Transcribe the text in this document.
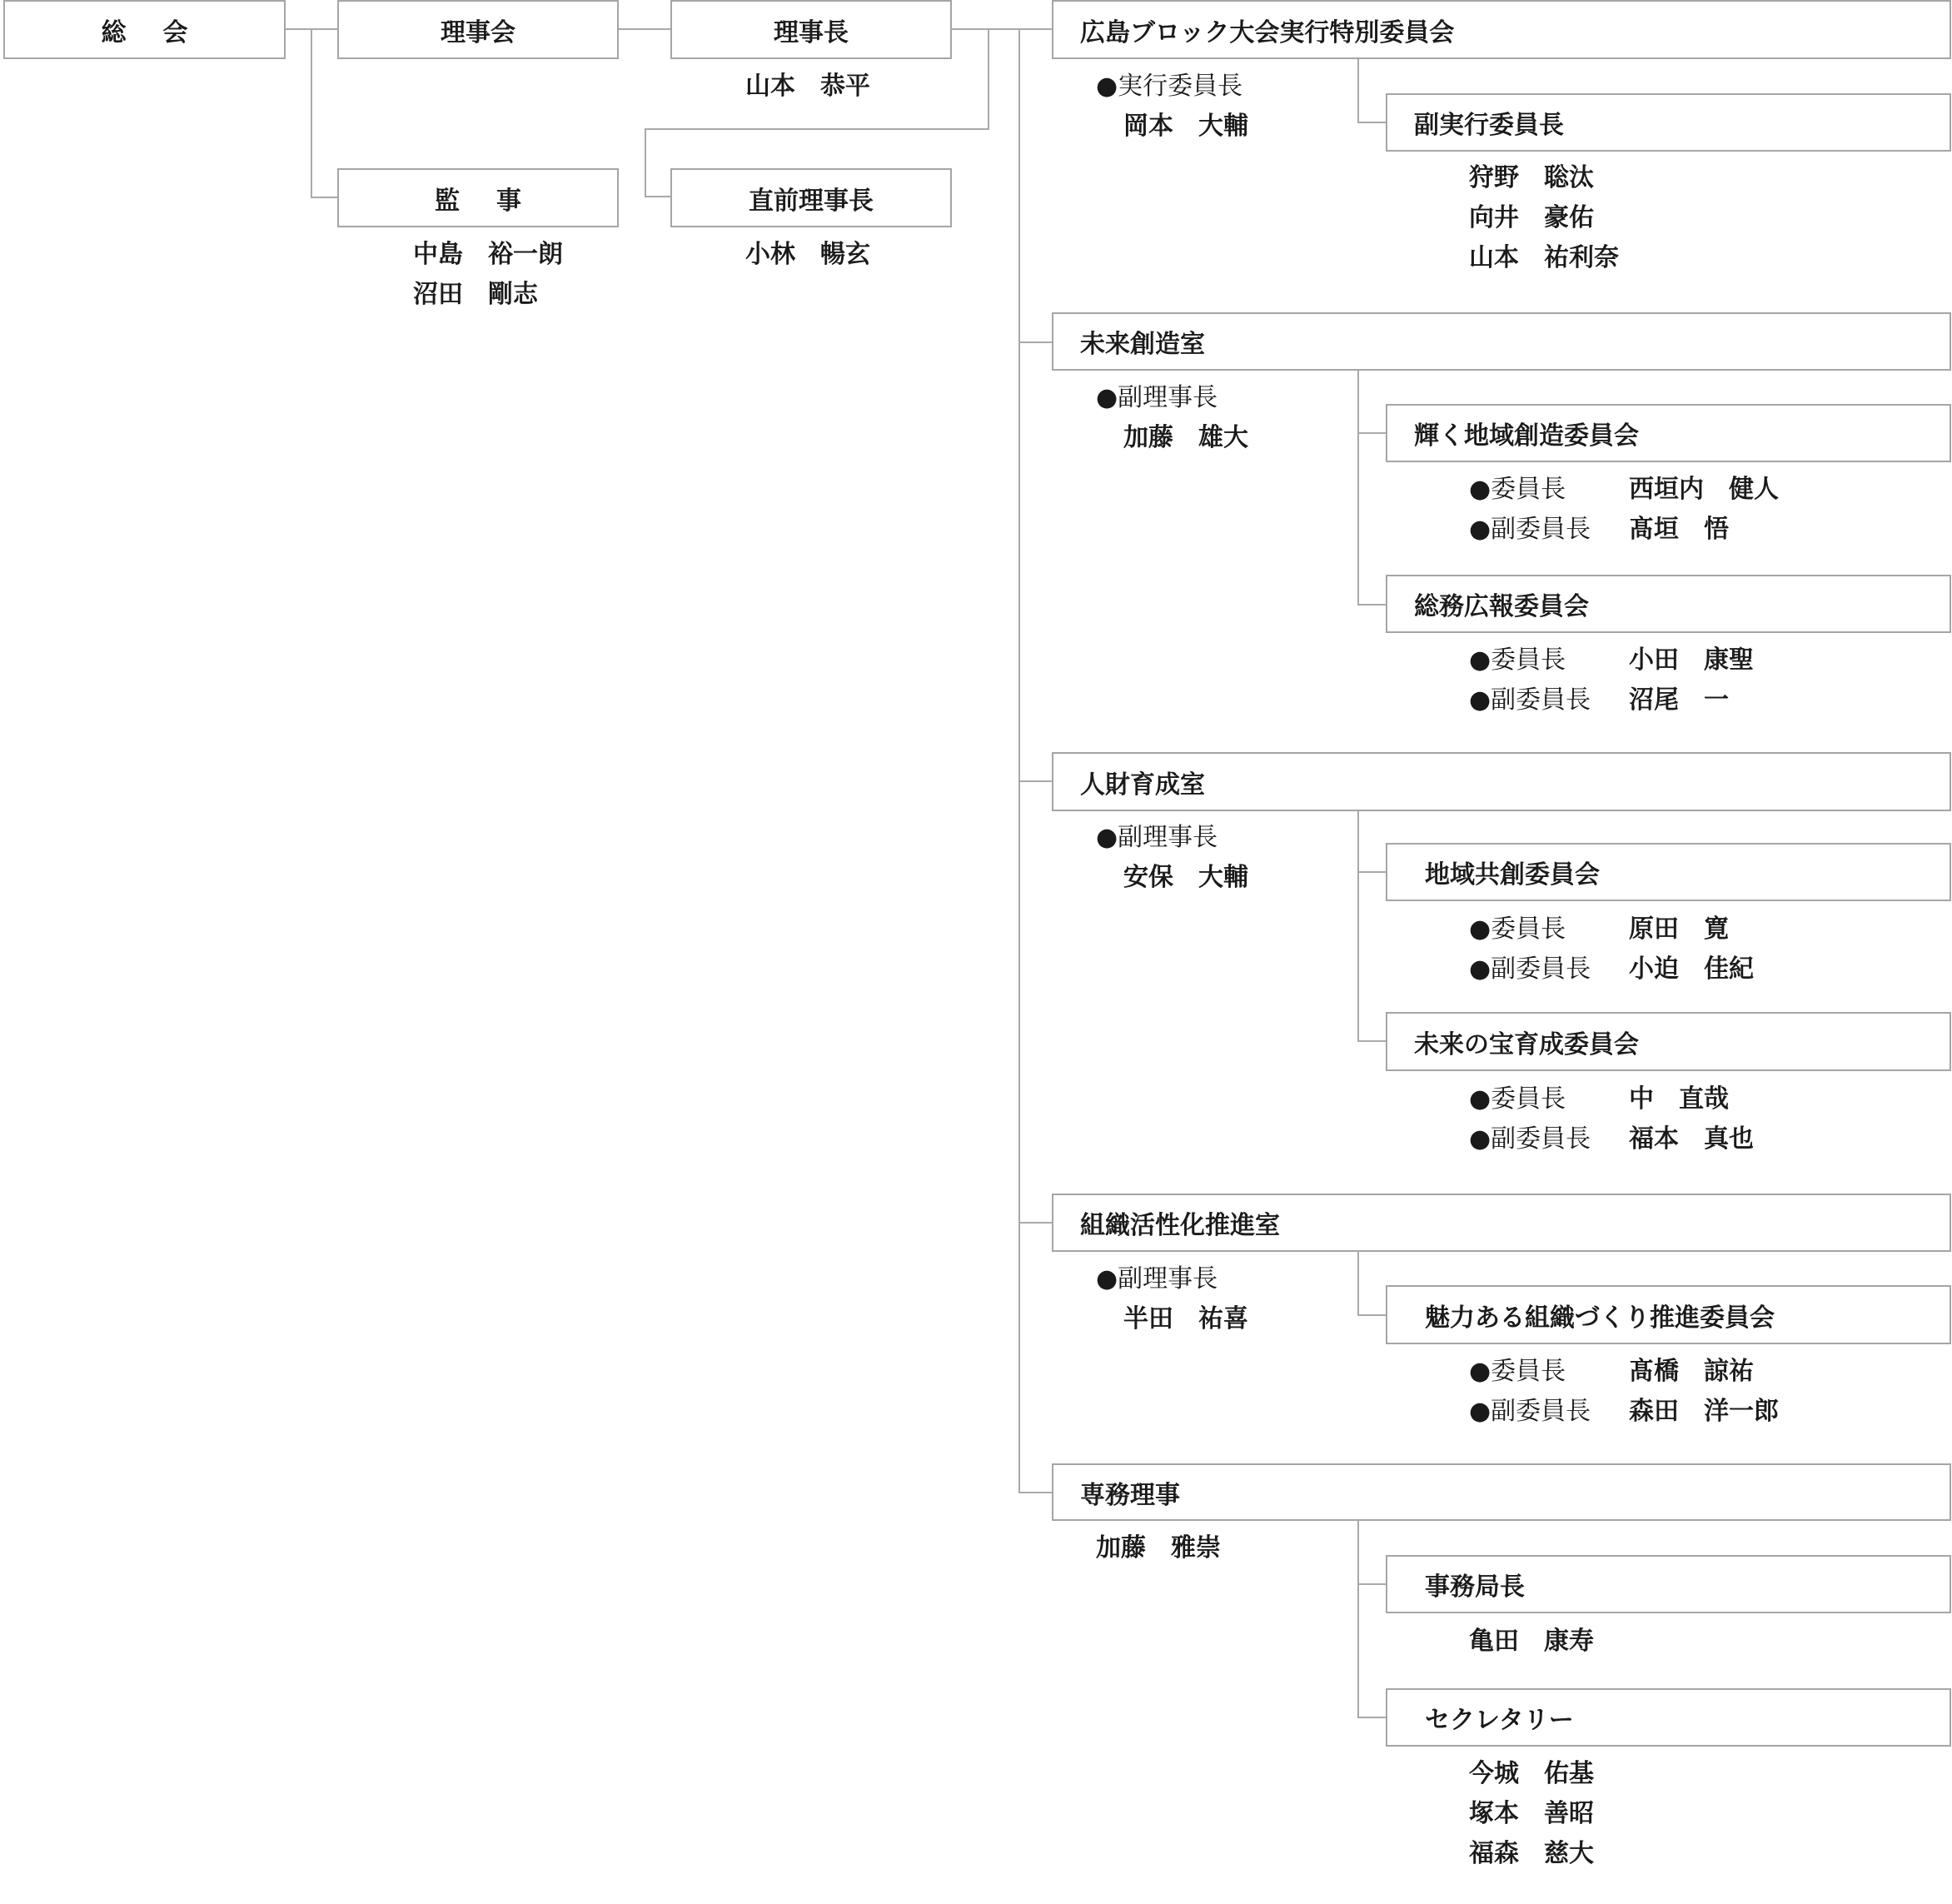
総会	理事会	理事長
山本　恭平
監事
中島　裕一朗
沼田　剛志
直前理事長
小林　暢玄
広島ブロック大会実行特別委員会
●実行委員長
岡本　大輔	副実行委員長
狩野　聡汰
向井　豪佑
山本　祐利奈
未来創造室
●副理事長
加藤　雄大	輝く地域創造委員会
●委員長	西垣内　健人
●副委員長 髙垣　悟
総務広報委員会
●委員長	小田　康聖
●副委員長 沼尾　一
人財育成室
●副理事長
安保　大輔	地域共創委員会
●委員長	原田　寛
●副委員長 小迫　佳紀
未来の宝育成委員会
●委員長	中　直哉
●副委員長 福本　真也
組織活性化推進室
●副理事長
半田　祐喜	魅力ある組織づくり推進委員会
●委員長	髙橋　諒祐
●副委員長 森田　洋一郎
専務理事
加藤　雅崇
事務局長
亀田　康寿
セクレタリー
今城　佑基
塚本　善昭
福森　慈大
